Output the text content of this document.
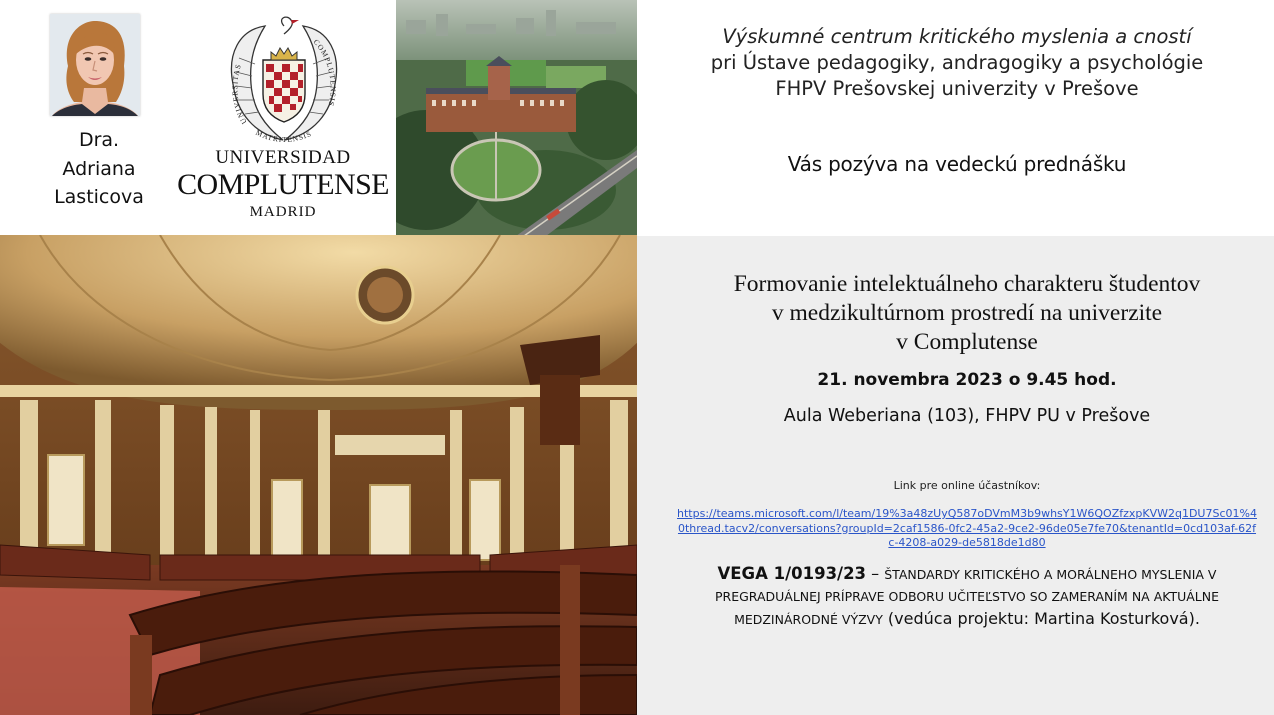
Dra.
Adriana
Lasticova
UNIVERSITAS
COMPLUTENSIS
MATRITENSIS
UNIVERSIDAD
COMPLUTENSE
MADRID
Výskumné centrum kritického myslenia a cností
pri Ústave pedagogiky, andragogiky a psychológie
FHPV Prešovskej univerzity v Prešove
Vás pozýva na vedeckú prednášku
Formovanie intelektuálneho charakteru študentov
v medzikultúrnom prostredí na univerzite
v Complutense
21. novembra 2023 o 9.45 hod.
Aula Weberiana (103), FHPV PU v Prešove
Link pre online účastníkov:
https://teams.microsoft.com/l/team/19%3a48zUyQ587oDVmM3b9whsY1W6QOZfzxpKVW2q1DU7Sc01%40thread.tacv2/conversations?groupId=2caf1586-0fc2-45a2-9ce2-96de05e7fe70&tenantId=0cd103af-62fc-4208-a029-de5818de1d80
VEGA 1/0193/23 – ŠTANDARDY KRITICKÉHO A MORÁLNEHO MYSLENIA V PREGRADUÁLNEJ PRÍPRAVE ODBORU UČITEĽSTVO SO ZAMERANÍM NA AKTUÁLNE MEDZINÁRODNÉ VÝZVY (vedúca projektu: Martina Kosturková).
